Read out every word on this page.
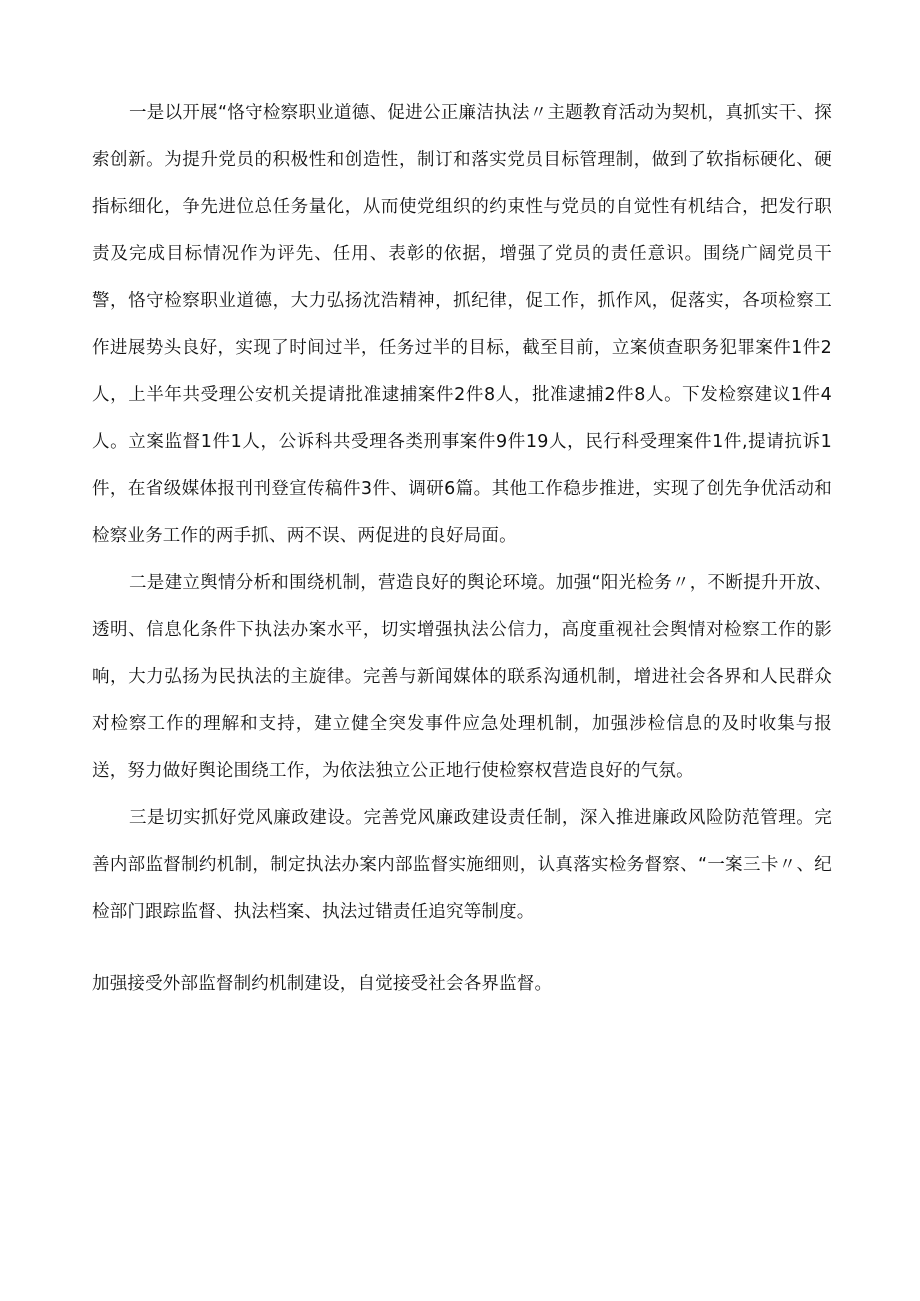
一是以开展“恪守检察职业道德、促进公正廉洁执法〃主题教育活动为契机，真抓实干、探索创新。为提升党员的积极性和创造性，制订和落实党员目标管理制，做到了软指标硬化、硬指标细化，争先进位总任务量化，从而使党组织的约束性与党员的自觉性有机结合，把发行职责及完成目标情况作为评先、任用、表彰的依据，增强了党员的责任意识。围绕广阔党员干警，恪守检察职业道德，大力弘扬沈浩精神，抓纪律，促工作，抓作风，促落实，各项检察工作进展势头良好，实现了时间过半，任务过半的目标，截至目前，立案侦查职务犯罪案件1件2人，上半年共受理公安机关提请批准逮捕案件2件8人，批准逮捕2件8人。下发检察建议1件4人。立案监督1件1人，公诉科共受理各类刑事案件9件19人，民行科受理案件1件,提请抗诉1件，在省级媒体报刊刊登宣传稿件3件、调研6篇。其他工作稳步推进，实现了创先争优活动和检察业务工作的两手抓、两不误、两促进的良好局面。

二是建立舆情分析和围绕机制，营造良好的舆论环境。加强“阳光检务〃，不断提升开放、透明、信息化条件下执法办案水平，切实增强执法公信力，高度重视社会舆情对检察工作的影响，大力弘扬为民执法的主旋律。完善与新闻媒体的联系沟通机制，增进社会各界和人民群众对检察工作的理解和支持，建立健全突发事件应急处理机制，加强涉检信息的及时收集与报送，努力做好舆论围绕工作，为依法独立公正地行使检察权营造良好的气氛。

三是切实抓好党风廉政建设。完善党风廉政建设责任制，深入推进廉政风险防范管理。完善内部监督制约机制，制定执法办案内部监督实施细则，认真落实检务督察、“一案三卡〃、纪检部门跟踪监督、执法档案、执法过错责任追究等制度。

加强接受外部监督制约机制建设，自觉接受社会各界监督。
